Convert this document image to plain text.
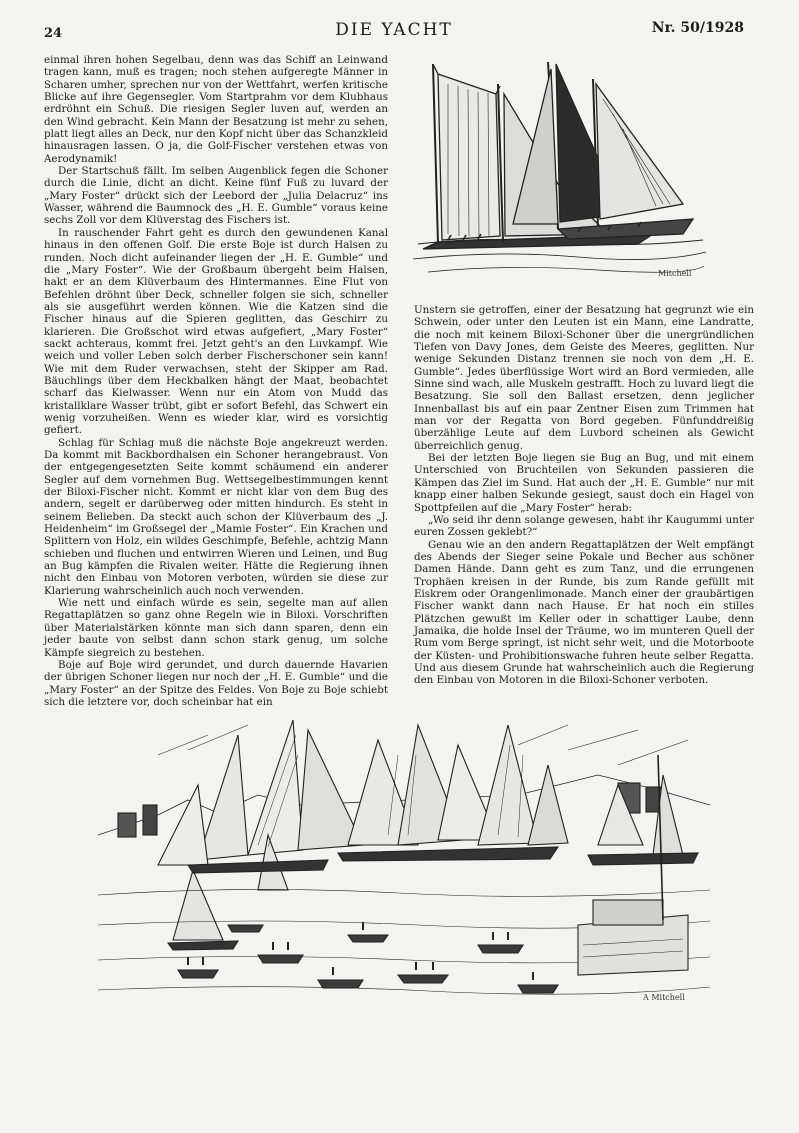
24	DIE YACHT	Nr. 50/1928

einmal ihren hohen Segelbau, denn was das Schiff an Leinwand tragen kann, muß es tragen; noch stehen aufgeregte Männer in Scharen umher, sprechen nur von der Wettfahrt, werfen kritische Blicke auf ihre Gegensegler. Vom Startprahm vor dem Klubhaus erdröhnt ein Schuß. Die riesigen Segler luven auf, werden an den Wind gebracht. Kein Mann der Besatzung ist mehr zu sehen, platt liegt alles an Deck, nur den Kopf nicht über das Schanzkleid hinausragen lassen. O ja, die Golf-Fischer verstehen etwas von Aerodynamik!

Der Startschuß fällt. Im selben Augenblick fegen die Schoner durch die Linie, dicht an dicht. Keine fünf Fuß zu luvard der „Mary Foster“ drückt sich der Leebord der „Julia Delacruz“ ins Wasser, während die Baumnock des „H. E. Gumble“ voraus keine sechs Zoll vor dem Klüverstag des Fischers ist.

In rauschender Fahrt geht es durch den gewundenen Kanal hinaus in den offenen Golf. Die erste Boje ist durch Halsen zu runden. Noch dicht aufeinander liegen der „H. E. Gumble“ und die „Mary Foster“. Wie der Großbaum übergeht beim Halsen, hakt er an dem Klüverbaum des Hintermannes. Eine Flut von Befehlen dröhnt über Deck, schneller folgen sie sich, schneller als sie ausgeführt werden können. Wie die Katzen sind die Fischer hinaus auf die Spieren geglitten, das Geschirr zu klarieren. Die Großschot wird etwas aufgefiert, „Mary Foster“ sackt achteraus, kommt frei. Jetzt geht's an den Luvkampf. Wie weich und voller Leben solch derber Fischerschoner sein kann! Wie mit dem Ruder verwachsen, steht der Skipper am Rad. Bäuchlings über dem Heckbalken hängt der Maat, beobachtet scharf das Kielwasser. Wenn nur ein Atom von Mudd das kristallklare Wasser trübt, gibt er sofort Befehl, das Schwert ein wenig vorzuheißen. Wenn es wieder klar, wird es vorsichtig gefiert.

Schlag für Schlag muß die nächste Boje angekreuzt werden. Da kommt mit Backbordhalsen ein Schoner herangebraust. Von der entgegengesetzten Seite kommt schäumend ein anderer Segler auf dem vornehmen Bug. Wettsegelbestimmungen kennt der Biloxi-Fischer nicht. Kommt er nicht klar von dem Bug des andern, segelt er darüberweg oder mitten hindurch. Es steht in seinem Belieben. Da steckt auch schon der Klüverbaum des „J. Heidenheim“ im Großsegel der „Mamie Foster“. Ein Krachen und Splittern von Holz, ein wildes Geschimpfe, Befehle, achtzig Mann schieben und fluchen und entwirren Wieren und Leinen, und Bug an Bug kämpfen die Rivalen weiter. Hätte die Regierung ihnen nicht den Einbau von Motoren verboten, würden sie diese zur Klarierung wahrscheinlich auch noch verwenden.

Wie nett und einfach würde es sein, segelte man auf allen Regattaplätzen so ganz ohne Regeln wie in Biloxi. Vorschriften über Materialstärken könnte man sich dann sparen, denn ein jeder baute von selbst dann schon stark genug, um solche Kämpfe siegreich zu bestehen.

Boje auf Boje wird gerundet, und durch dauernde Havarien der übrigen Schoner liegen nur noch der „H. E. Gumble“ und die „Mary Foster“ an der Spitze des Feldes. Von Boje zu Boje schiebt sich die letztere vor, doch scheinbar hat ein

Unstern sie getroffen, einer der Besatzung hat gegrunzt wie ein Schwein, oder unter den Leuten ist ein Mann, eine Landratte, die noch mit keinem Biloxi-Schoner über die unergründlichen Tiefen von Davy Jones, dem Geiste des Meeres, geglitten. Nur wenige Sekunden Distanz trennen sie noch von dem „H. E. Gumble“. Jedes überflüssige Wort wird an Bord vermieden, alle Sinne sind wach, alle Muskeln gestrafft. Hoch zu luvard liegt die Besatzung. Sie soll den Ballast ersetzen, denn jeglicher Innenballast bis auf ein paar Zentner Eisen zum Trimmen hat man vor der Regatta von Bord gegeben. Fünfunddreißig überzählige Leute auf dem Luvbord scheinen als Gewicht überreichlich genug.

Bei der letzten Boje liegen sie Bug an Bug, und mit einem Unterschied von Bruchteilen von Sekunden passieren die Kämpen das Ziel im Sund. Hat auch der „H. E. Gumble“ nur mit knapp einer halben Sekunde gesiegt, saust doch ein Hagel von Spottpfeilen auf die „Mary Foster“ herab:

„Wo seid ihr denn solange gewesen, habt ihr Kaugummi unter euren Zossen geklebt?“

Genau wie an den andern Regattaplätzen der Welt empfängt des Abends der Sieger seine Pokale und Becher aus schöner Damen Hände. Dann geht es zum Tanz, und die errungenen Trophäen kreisen in der Runde, bis zum Rande gefüllt mit Eiskrem oder Orangenlimonade. Manch einer der graubärtigen Fischer wankt dann nach Hause. Er hat noch ein stilles Plätzchen gewußt im Keller oder in schattiger Laube, denn Jamaika, die holde Insel der Träume, wo im munteren Quell der Rum vom Berge springt, ist nicht sehr weit, und die Motorboote der Küsten- und Prohibitionswache fuhren heute selber Regatta. Und aus diesem Grunde hat wahrscheinlich auch die Regierung den Einbau von Motoren in die Biloxi-Schoner verboten.

Mitchell
A Mitchell
